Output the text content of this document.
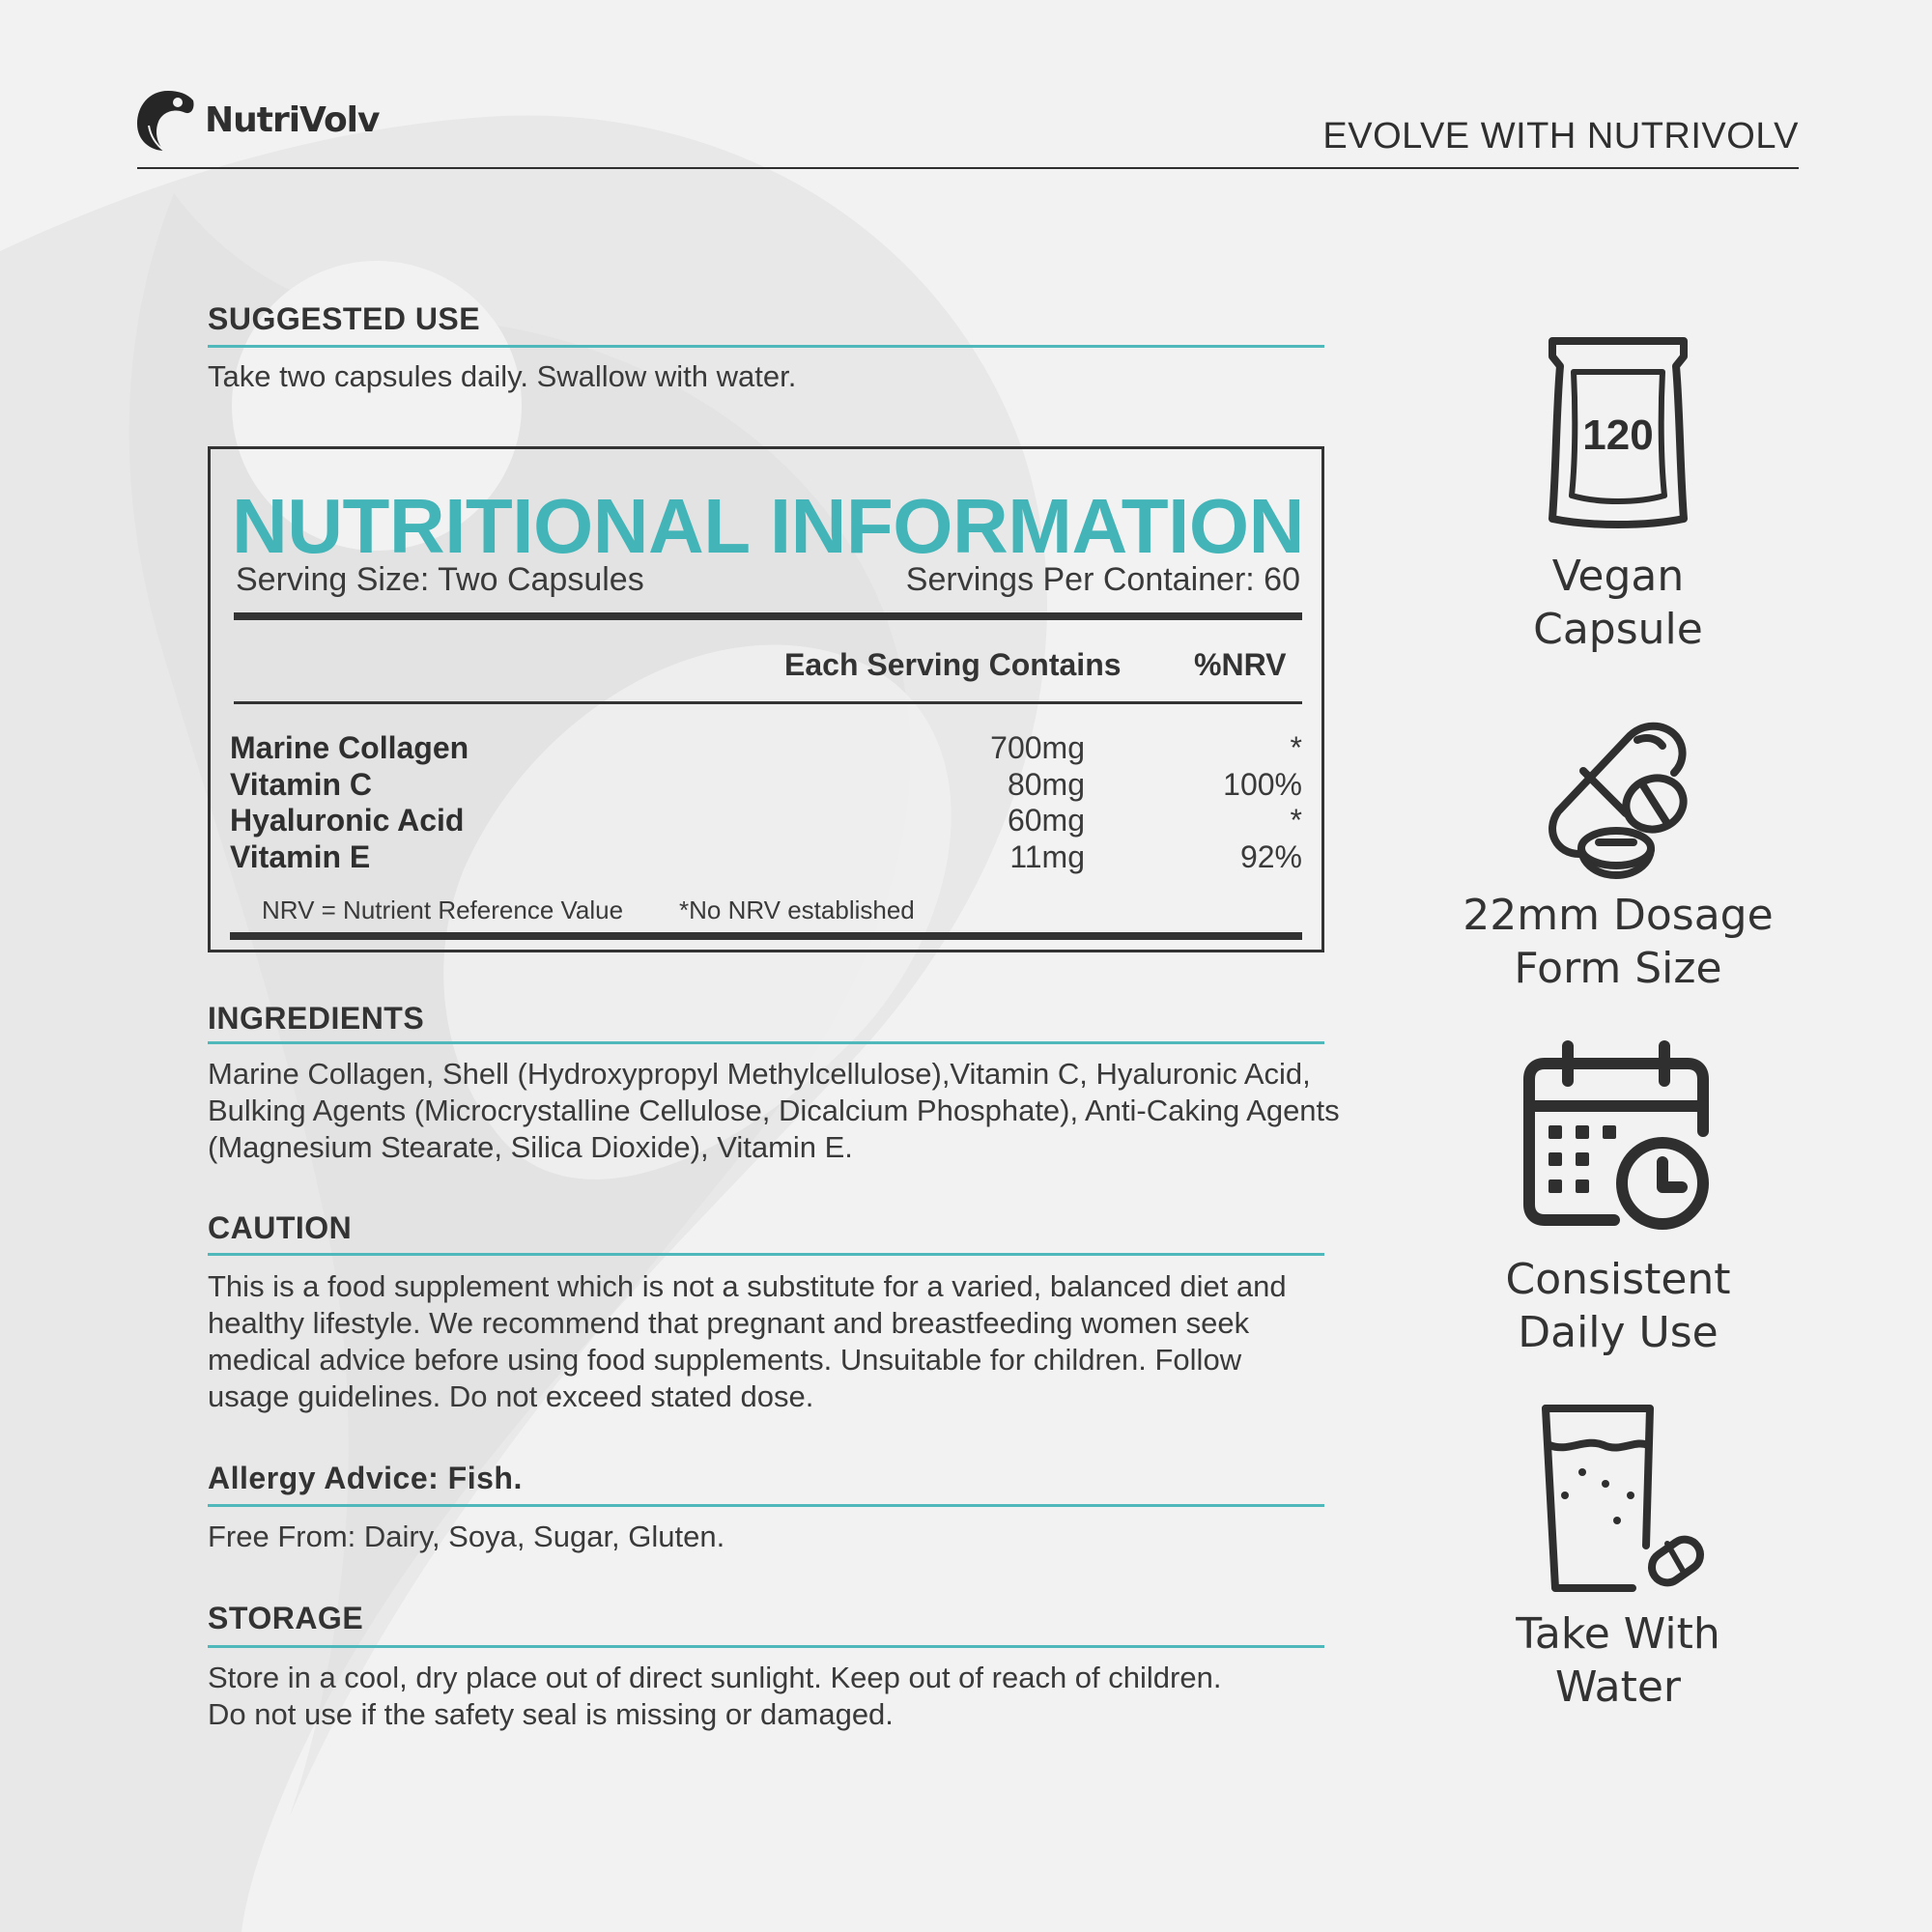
NutriVolv	EVOLVE WITH NUTRIVOLV
SUGGESTED USE
Take two capsules daily. Swallow with water.
NUTRITIONAL INFORMATION
Serving Size: Two Capsules	Servings Per Container: 60
Each Serving Contains %NRV
Marine Collagen	700mg	*
Vitamin C	80mg	100%
Hyaluronic Acid	60mg	*
Vitamin E	11mg	92%
NRV = Nutrient Reference Value *No NRV established
INGREDIENTS
Marine Collagen, Shell (Hydroxypropyl Methylcellulose),Vitamin C, Hyaluronic Acid,
Bulking Agents (Microcrystalline Cellulose, Dicalcium Phosphate), Anti-Caking Agents
(Magnesium Stearate, Silica Dioxide), Vitamin E.
CAUTION
This is a food supplement which is not a substitute for a varied, balanced diet and
healthy lifestyle. We recommend that pregnant and breastfeeding women seek
medical advice before using food supplements. Unsuitable for children. Follow
usage guidelines. Do not exceed stated dose.
Allergy Advice: Fish.
Free From: Dairy, Soya, Sugar, Gluten.
STORAGE
Store in a cool, dry place out of direct sunlight. Keep out of reach of children.
Do not use if the safety seal is missing or damaged.
120
Vegan
Capsule
22mm Dosage
Form Size
Consistent
Daily Use
Take With
Water
